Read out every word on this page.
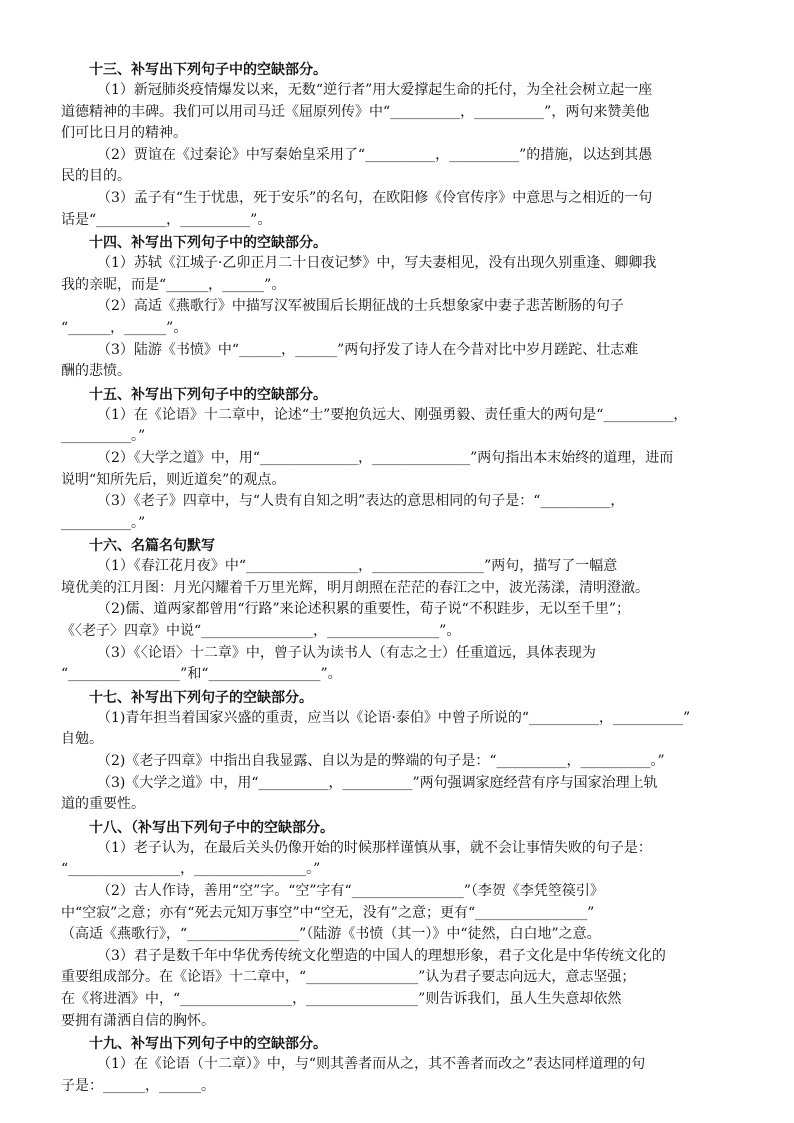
十三、补写出下列句子中的空缺部分。
（1）新冠肺炎疫情爆发以来，无数“逆行者”用大爱撑起生命的托付，为全社会树立起一座
道德精神的丰碑。我们可以用司马迁《屈原列传》中“__________，__________”，两句来赞美他
们可比日月的精神。
（2）贾谊在《过秦论》中写秦始皇采用了“__________，__________”的措施，以达到其愚
民的目的。
（3）孟子有“生于忧患，死于安乐”的名句，在欧阳修《伶官传序》中意思与之相近的一句
话是“__________，__________”。
十四、补写出下列句子中的空缺部分。
（1）苏轼《江城子·乙卯正月二十日夜记梦》中，写夫妻相见，没有出现久别重逢、卿卿我
我的亲昵，而是“______，______”。
（2）高适《燕歌行》中描写汉军被围后长期征战的士兵想象家中妻子悲苦断肠的句子
“______，______”。
（3）陆游《书愤》中“______，______”两句抒发了诗人在今昔对比中岁月蹉跎、壮志难
酬的悲愤。
十五、补写出下列句子中的空缺部分。
（1）在《论语》十二章中，论述“士”要抱负远大、刚强勇毅、责任重大的两句是“__________，
__________。”
（2）《大学之道》中，用“______________，______________”两句指出本末始终的道理，进而
说明“知所先后，则近道矣”的观点。
（3）《老子》四章中，与“人贵有自知之明”表达的意思相同的句子是：“__________，
__________。”
十六、名篇名句默写
（1）《春江花月夜》中“________________，________________”两句，描写了一幅意
境优美的江月图：月光闪耀着千万里光辉，明月朗照在茫茫的春江之中，波光荡漾，清明澄澈。
（2)儒、道两家都曾用“行路”来论述积累的重要性，荀子说“不积跬步，无以至千里”；
《〈老子〉四章》中说“________________，________________”。
（3）《〈论语〉十二章》中，曾子认为读书人（有志之士）任重道远，具体表现为
“________________”和“________________”。
十七、补写出下列句子的空缺部分。
（1)青年担当着国家兴盛的重责，应当以《论语·泰伯》中曾子所说的“__________，__________”
自勉。
（2)《老子四章》中指出自我显露、自以为是的弊端的句子是：“__________，__________。”
（3)《大学之道》中，用“__________，__________”两句强调家庭经营有序与国家治理上轨
道的重要性。
十八、（补写出下列句子中的空缺部分。
（1）老子认为，在最后关头仍像开始的时候那样谨慎从事，就不会让事情失败的句子是：
“________________，________________。”
（2）古人作诗，善用“空”字。“空”字有“________________”（李贺《李凭箜篌引》
中“空寂”之意；亦有“死去元知万事空”中“空无，没有”之意；更有“________________”
（高适《燕歌行》，“________________”（陆游《书愤（其一）》中“徒然，白白地”之意。
（3）君子是数千年中华优秀传统文化塑造的中国人的理想形象，君子文化是中华传统文化的
重要组成部分。在《论语》十二章中，“________________”认为君子要志向远大，意志坚强；
在《将进酒》中，“________________，________________”则告诉我们，虽人生失意却依然
要拥有潇洒自信的胸怀。
十九、补写出下列句子中的空缺部分。
（1）在《论语（十二章）》中，与“则其善者而从之，其不善者而改之”表达同样道理的句
子是：______，______。
